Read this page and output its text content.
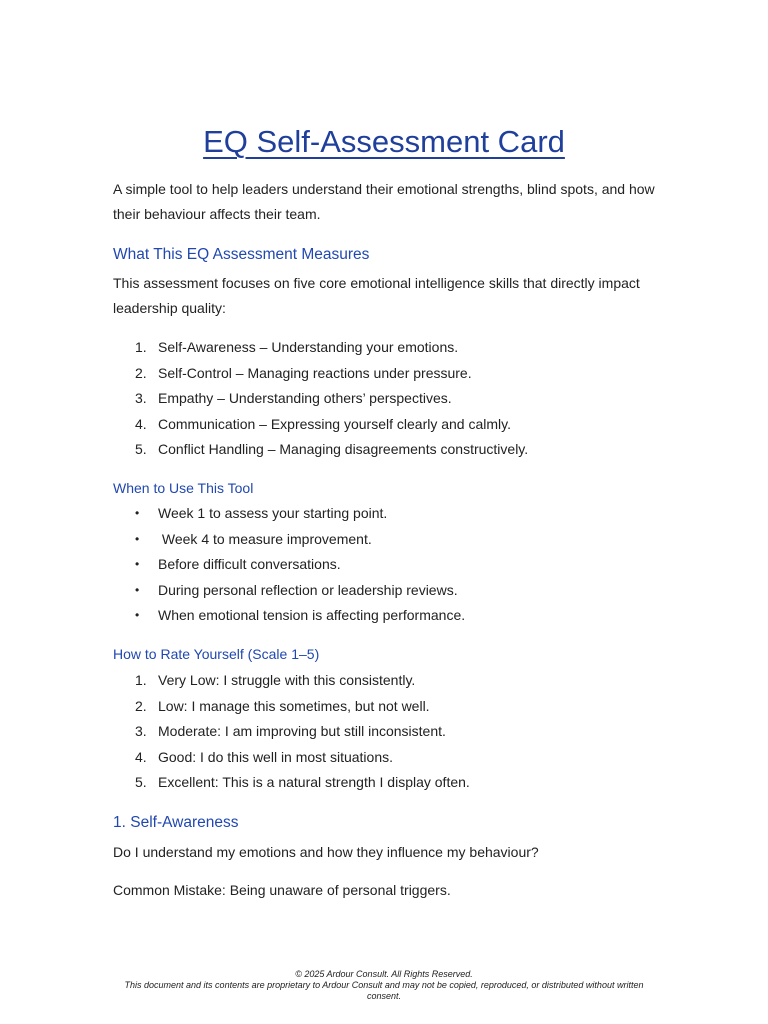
EQ Self-Assessment Card
A simple tool to help leaders understand their emotional strengths, blind spots, and how their behaviour affects their team.
What This EQ Assessment Measures
This assessment focuses on five core emotional intelligence skills that directly impact leadership quality:
1. Self-Awareness – Understanding your emotions.
2. Self-Control – Managing reactions under pressure.
3. Empathy – Understanding others’ perspectives.
4. Communication – Expressing yourself clearly and calmly.
5. Conflict Handling – Managing disagreements constructively.
When to Use This Tool
•	Week 1 to assess your starting point.
•	Week 4 to measure improvement.
•	Before difficult conversations.
•	During personal reflection or leadership reviews.
•	When emotional tension is affecting performance.
How to Rate Yourself (Scale 1–5)
1. Very Low: I struggle with this consistently.
2. Low: I manage this sometimes, but not well.
3. Moderate: I am improving but still inconsistent.
4. Good: I do this well in most situations.
5. Excellent: This is a natural strength I display often.
1. Self-Awareness
Do I understand my emotions and how they influence my behaviour?
Common Mistake: Being unaware of personal triggers.
© 2025 Ardour Consult. All Rights Reserved.
This document and its contents are proprietary to Ardour Consult and may not be copied, reproduced, or distributed without written consent.
